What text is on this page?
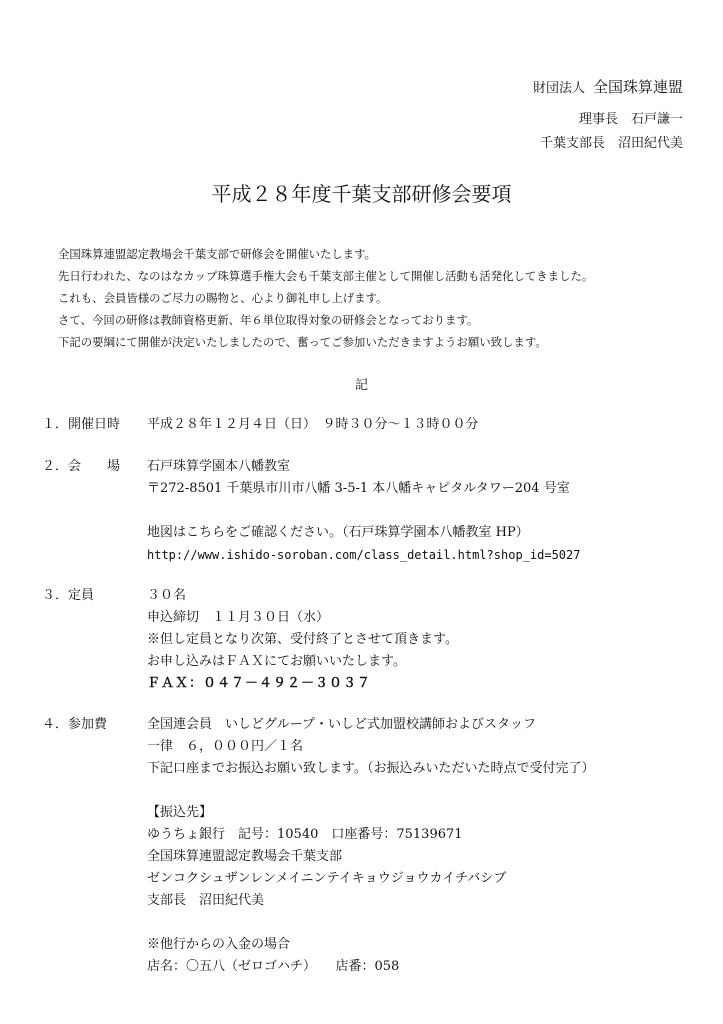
財団法人 全国珠算連盟
理事長　石戸謙一
千葉支部長　沼田紀代美
平成２８年度千葉支部研修会要項
全国珠算連盟認定教場会千葉支部で研修会を開催いたします。
先日行われた、なのはなカップ珠算選手権大会も千葉支部主催として開催し活動も活発化してきました。
これも、会員皆様のご尽力の賜物と、心より御礼申し上げます。
さて、今回の研修は教師資格更新、年６単位取得対象の研修会となっております。
下記の要綱にて開催が決定いたしましたので、奮ってご参加いただきますようお願い致します。
記
１．開催日時 平成２８年１２月４日（日）　９時３０分～１３時００分
２．会　　場 石戸珠算学園本八幡教室
〒272-8501 千葉県市川市八幡 3-5-1 本八幡キャピタルタワー204 号室
地図はこちらをご確認ください。（石戸珠算学園本八幡教室 HP）
http://www.ishido-soroban.com/class_detail.html?shop_id=5027
３．定員	３０名
申込締切　１１月３０日（水）
※但し定員となり次第、受付終了とさせて頂きます。
お申し込みはＦＡＸにてお願いいたします。
ＦＡＸ：０４７－４９２－３０３７
４．参加費	全国連会員　いしどグループ・いしど式加盟校講師およびスタッフ
一律　６，０００円／１名
下記口座までお振込お願い致します。（お振込みいただいた時点で受付完了）
【振込先】
ゆうちょ銀行　記号：10540　口座番号：75139671
全国珠算連盟認定教場会千葉支部
ゼンコクシュザンレンメイニンテイキョウジョウカイチバシブ
支部長　沼田紀代美
※他行からの入金の場合
店名：〇五八（ゼロゴハチ）　　店番：058
